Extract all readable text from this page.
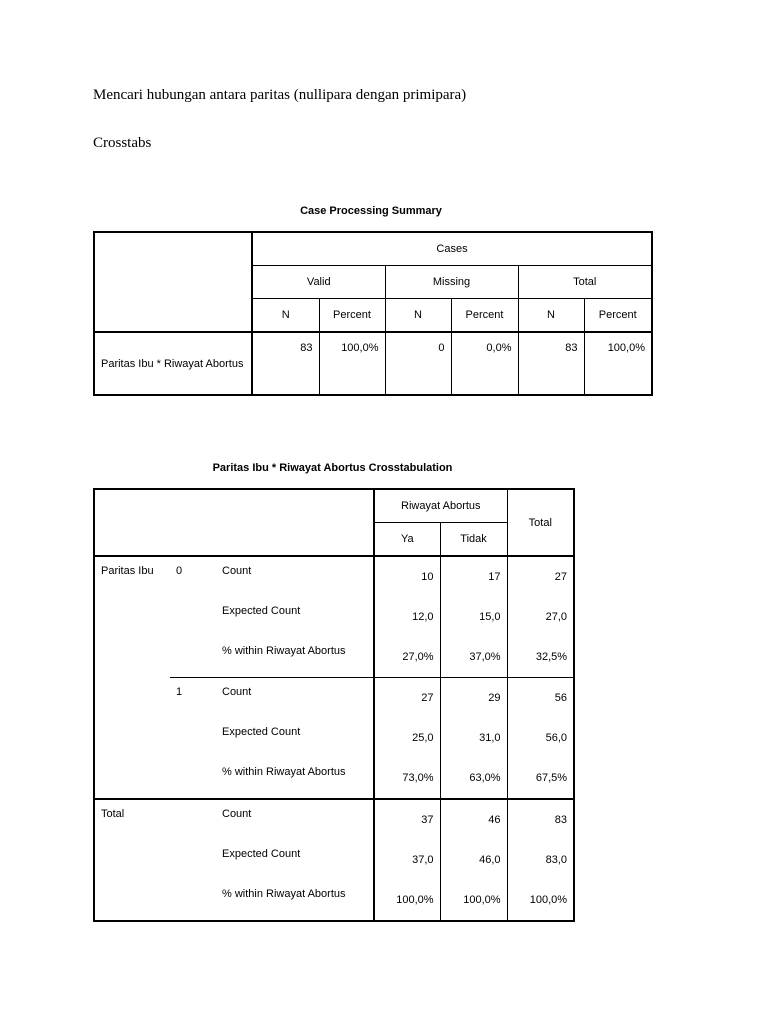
Mencari hubungan antara paritas (nullipara dengan primipara)

Crosstabs

Case Processing Summary
	Cases					
	Valid		Missing		Total	
	N	Percent	N	Percent	N	Percent
Paritas Ibu * Riwayat Abortus	83	100,0%	0	0,0%	83	100,0%
Paritas Ibu * Riwayat Abortus Crosstabulation
			Riwayat Abortus		Total
			Ya	Tidak	
Paritas Ibu	0	Count	10	17	27
		Expected Count	12,0	15,0	27,0
		% within Riwayat Abortus	27,0%	37,0%	32,5%
	1	Count	27	29	56
		Expected Count	25,0	31,0	56,0
		% within Riwayat Abortus	73,0%	63,0%	67,5%
Total		Count	37	46	83
		Expected Count	37,0	46,0	83,0
		% within Riwayat Abortus	100,0%	100,0%	100,0%
